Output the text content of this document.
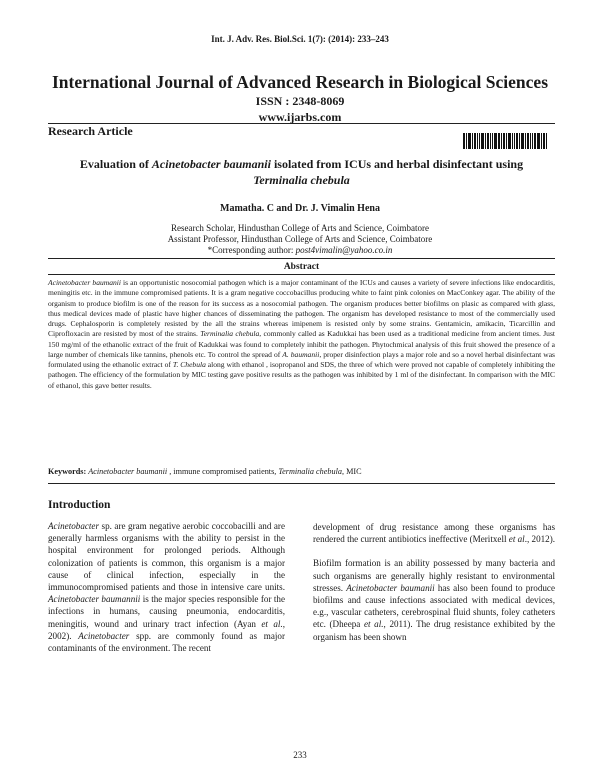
Int. J. Adv. Res. Biol.Sci. 1(7): (2014): 233–243
International Journal of Advanced Research in Biological Sciences
ISSN : 2348-8069
www.ijarbs.com
Research Article
Evaluation of Acinetobacter baumanii isolated from ICUs and herbal disinfectant using
Terminalia chebula
Mamatha. C and Dr. J. Vimalin Hena
Research Scholar, Hindusthan College of Arts and Science, Coimbatore
Assistant Professor, Hindusthan College of Arts and Science, Coimbatore
*Corresponding author: post4vimalin@yahoo.co.in
Abstract
Acinetobacter baumanii is an opportunistic nosocomial pathogen which is a major contaminant of the ICUs and causes a variety of severe infections like endocarditis, meningitis etc. in the immune compromised patients. It is a gram negative coccobacillus producing white to faint pink colonies on MacConkey agar. The ability of the organism to produce biofilm is one of the reason for its success as a nosocomial pathogen. The organism produces better biofilms on plasic as compared with glass, thus medical devices made of plastic have higher chances of disseminating the pathogen. The organism has developed resistance to most of the commercially used drugs. Cephalosporin is completely resisted by the all the strains whereas imipenem is resisted only by some strains. Gentamicin, amikacin, Ticarcillin and Ciprofloxacin are resisted by most of the strains. Terminalia chebula, commonly called as Kadukkai has been used as a traditional medicine from ancient times. Just 150 mg/ml of the ethanolic extract of the fruit of Kadukkai was found to completely inhibit the pathogen. Phytochmical analysis of this fruit showed the presence of a large number of chemicals like tannins, phenols etc. To control the spread of A. baumanii, proper disinfection plays a major role and so a novel herbal disinfectant was formulated using the ethanolic extract of T. Chebula along with ethanol , isopropanol and SDS, the three of which were proved not capable of completely inhibiting the pathogen. The efficiency of the formulation by MIC testing gave positive results as the pathogen was inhibited by 1 ml of the disinfectant. In comparison with the MIC of ethanol, this gave better results.
Keywords: Acinetobacter baumanii , immune compromised patients, Terminalia chebula, MIC
Introduction

Acinetobacter sp. are gram negative aerobic coccobacilli and are generally harmless organisms with the ability to persist in the hospital environment for prolonged periods. Although colonization of patients is common, this organism is a major cause of clinical infection, especially in the immunocompromised patients and those in intensive care units. Acinetobacter baumannii is the major species responsible for the infections in humans, causing pneumonia, endocarditis, meningitis, wound and urinary tract infection (Ayan et al., 2002). Acinetobacter spp. are commonly found as major contaminants of the environment. The recent

development of drug resistance among these organisms has rendered the current antibiotics ineffective (Meritxell et al., 2012).

Biofilm formation is an ability possessed by many bacteria and such organisms are generally highly resistant to environmental stresses. Acinetobacter baumanii has also been found to produce biofilms and cause infections associated with medical devices, e.g., vascular catheters, cerebrospinal fluid shunts, foley catheters etc. (Dheepa et al., 2011). The drug resistance exhibited by the organism has been shown

233
